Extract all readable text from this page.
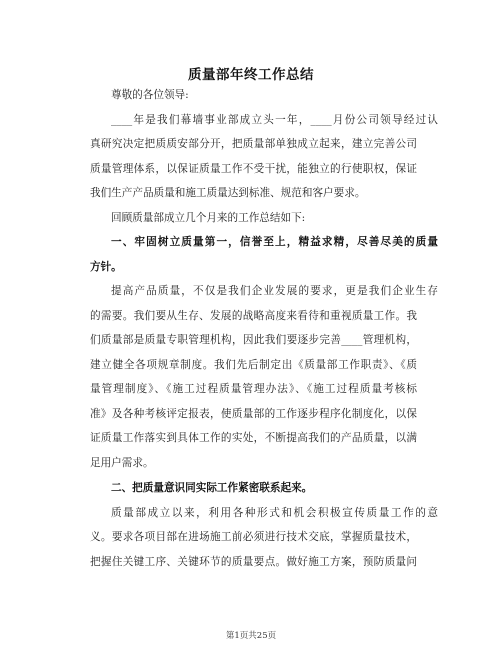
质量部年终工作总结
尊敬的各位领导:
____年是我们幕墙事业部成立头一年，____月份公司领导经过认
真研究决定把质质安部分开，把质量部单独成立起来，建立完善公司
质量管理体系，以保证质量工作不受干扰，能独立的行使职权，保证
我们生产产品质量和施工质量达到标准、规范和客户要求。
回顾质量部成立几个月来的工作总结如下:
一、牢固树立质量第一，信誉至上，精益求精，尽善尽美的质量
方针。
提高产品质量，不仅是我们企业发展的要求，更是我们企业生存
的需要。我们要从生存、发展的战略高度来看待和重视质量工作。我
们质量部是质量专职管理机构，因此我们要逐步完善____管理机构，
建立健全各项规章制度。我们先后制定出《质量部工作职责》、《质
量管理制度》、《施工过程质量管理办法》、《施工过程质量考核标
准》及各种考核评定报表，使质量部的工作逐步程序化制度化，以保
证质量工作落实到具体工作的实处，不断提高我们的产品质量，以满
足用户需求。
二、把质量意识同实际工作紧密联系起来。
质量部成立以来，利用各种形式和机会积极宣传质量工作的意
义。要求各项目部在进场施工前必须进行技术交底，掌握质量技术，
把握住关键工序、关键环节的质量要点。做好施工方案，预防质量问
第1页共25页
